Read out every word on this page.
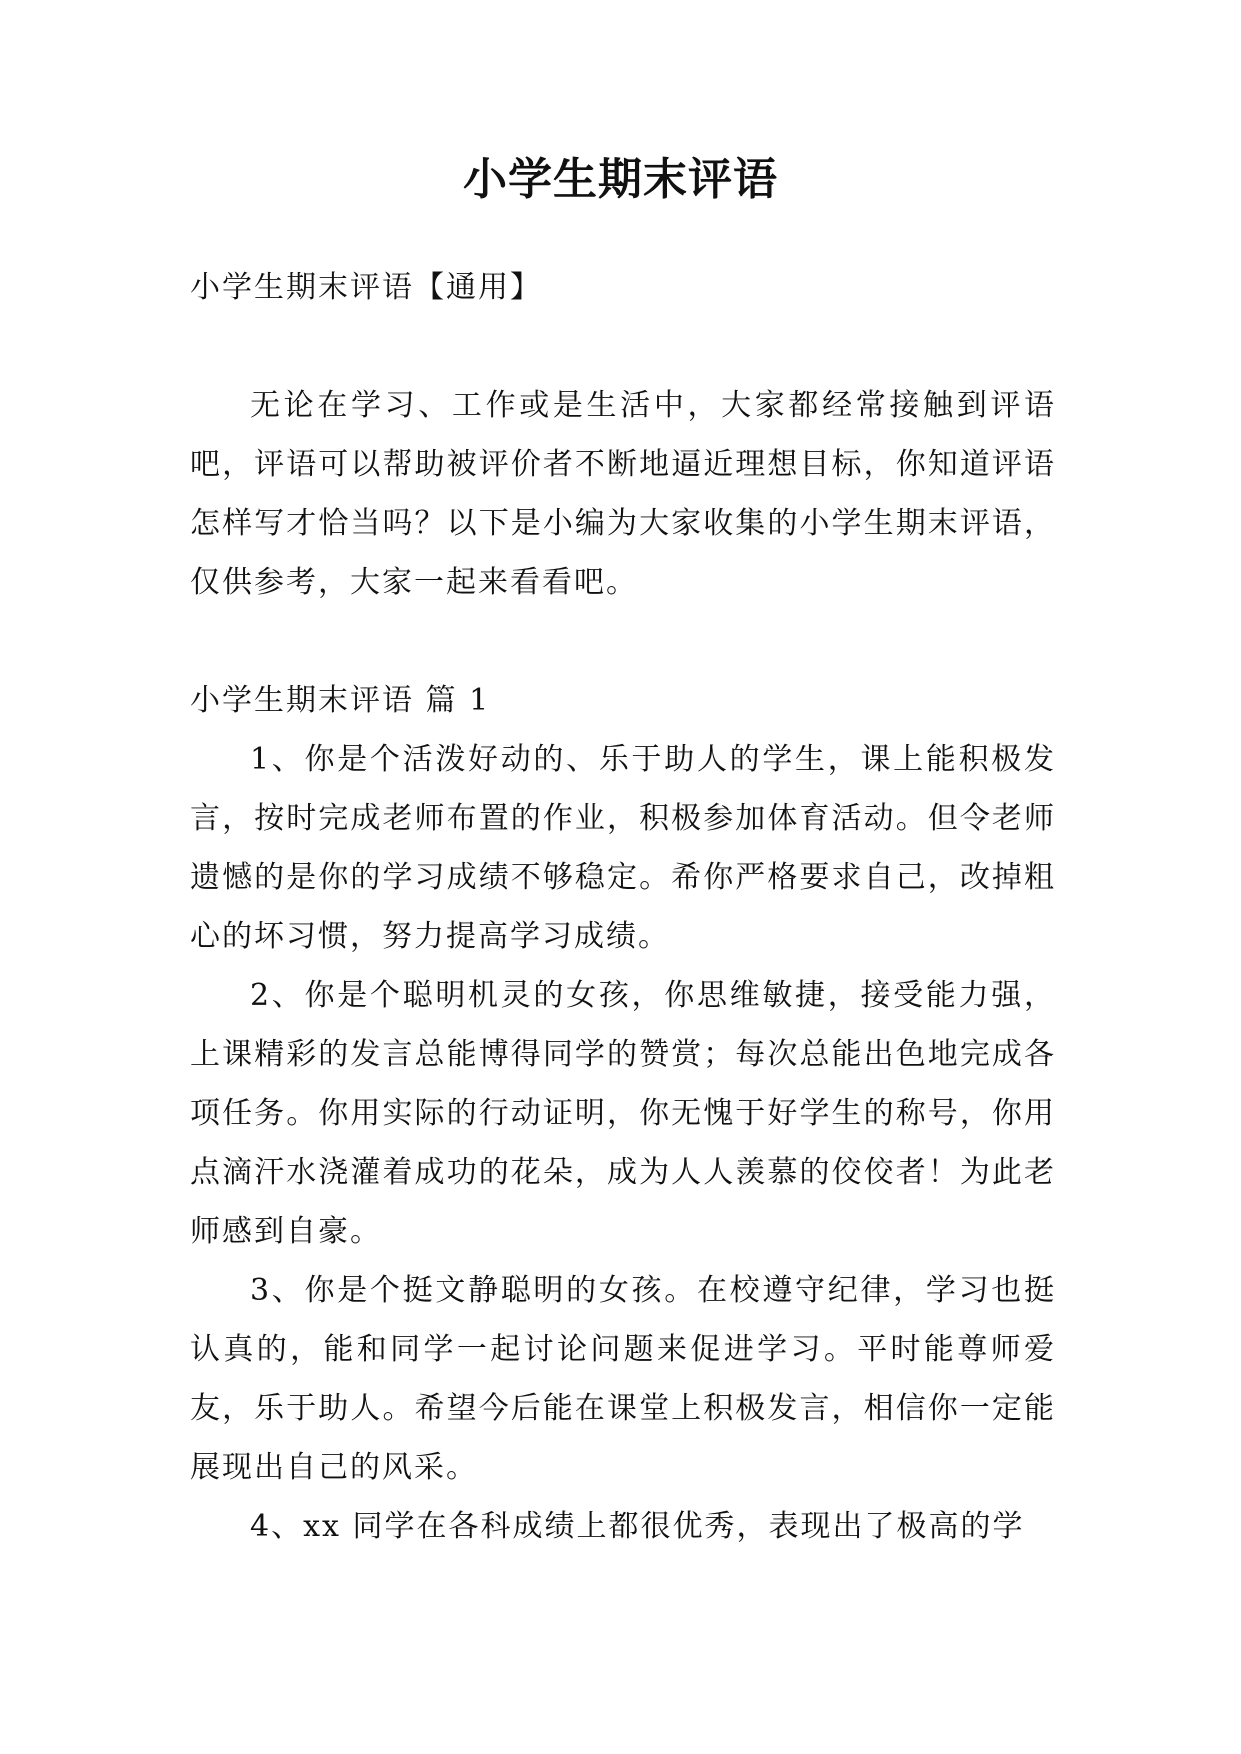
小学生期末评语

小学生期末评语【通用】

无论在学习、工作或是生活中，大家都经常接触到评语吧，评语可以帮助被评价者不断地逼近理想目标，你知道评语怎样写才恰当吗？以下是小编为大家收集的小学生期末评语，仅供参考，大家一起来看看吧。

小学生期末评语 篇 1

1、你是个活泼好动的、乐于助人的学生，课上能积极发言，按时完成老师布置的作业，积极参加体育活动。但令老师遗憾的是你的学习成绩不够稳定。希你严格要求自己，改掉粗心的坏习惯，努力提高学习成绩。

2、你是个聪明机灵的女孩，你思维敏捷，接受能力强，上课精彩的发言总能博得同学的赞赏；每次总能出色地完成各项任务。你用实际的行动证明，你无愧于好学生的称号，你用点滴汗水浇灌着成功的花朵，成为人人羡慕的佼佼者！为此老师感到自豪。

3、你是个挺文静聪明的女孩。在校遵守纪律，学习也挺认真的，能和同学一起讨论问题来促进学习。平时能尊师爱友，乐于助人。希望今后能在课堂上积极发言，相信你一定能展现出自己的风采。

4、xx 同学在各科成绩上都很优秀，表现出了极高的学
